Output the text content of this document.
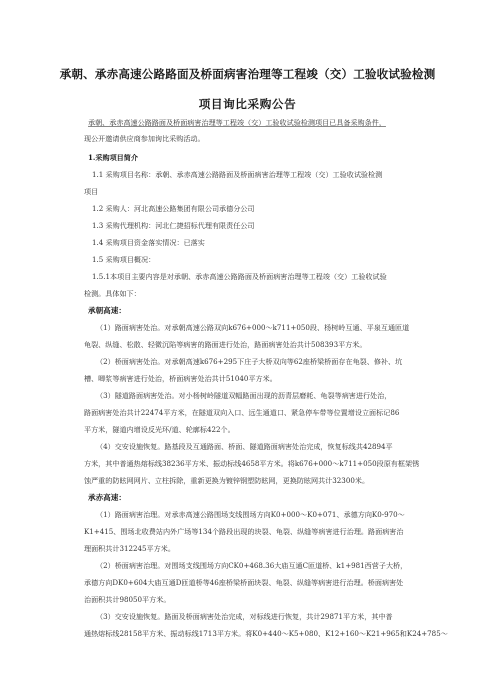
承朝、承赤高速公路路面及桥面病害治理等工程竣（交）工验收试验检测
项目询比采购公告
承朝、承赤高速公路路面及桥面病害治理等工程竣（交）工验收试验检测项目已具备采购条件，
现公开邀请供应商参加询比采购活动。
1.采购项目简介
1.1 采购项目名称：承朝、承赤高速公路路面及桥面病害治理等工程竣（交）工验收试验检测
项目
1.2 采购人：河北高速公路集团有限公司承德分公司
1.3 采购代理机构：河北仁捷招标代理有限责任公司
1.4 采购项目资金落实情况：已落实
1.5 采购项目概况：
1.5.1本项目主要内容是对承朝、承赤高速公路路面及桥面病害治理等工程竣（交）工验收试验
检测。具体如下：
承朝高速：
（1）路面病害处治。对承朝高速公路双向k676+000～k711+050段、杨树岭互通、平泉互通匝道
龟裂、纵缝、松散、轻微沉陷等病害的路面进行处治，路面病害处治共计508393平方米。
（2）桥面病害处治。对承朝高速k676+295下庄子大桥双向等62座桥梁桥面存在龟裂、修补、坑
槽、唧浆等病害进行处治，桥面病害处治共计51040平方米。
（3）隧道路面病害处治。对小杨树岭隧道双幅路面出现的沥青层磨耗、龟裂等病害进行处治，
路面病害处治共计22474平方米，在隧道双向入口、远生通道口、紧急停车带等位置增设立面标记86
平方米，隧道内增设反光环/道、轮廓标422个。
（4）交安设施恢复。路基段及互通路面、桥面、隧道路面病害处治完成，恢复标线共42894平
方米，其中普通热熔标线38236平方米、振动标线4658平方米。将k676+000～k711+050段原有框架锈
蚀严重的防眩网网片、立柱拆除，重新更换为镀锌钢塑防眩网，更换防眩网共计32300米。
承赤高速：
（1）路面病害治理。对承赤高速公路围场支线围场方向K0+000～K0+071、承德方向K0-970～
K1+415、围场北收费站内外广场等134个路段出现的块裂、龟裂、纵缝等病害进行治理。路面病害治
理面积共计312245平方米。
（2）桥面病害治理。对围场支线围场方向CK0+468.36大庙互通C匝道桥、k1+981西营子大桥，
承德方向DK0+604大庙互通D匝道桥等46座桥梁桥面块裂、龟裂、纵缝等病害进行治理。桥面病害处
治面积共计98050平方米。
（3）交安设施恢复。路面及桥面病害处治完成，对标线进行恢复，共计29871平方米，其中普
通热熔标线28158平方米、振动标线1713平方米。将K0+440～K5+080、K12+160～K21+965和K24+785～
